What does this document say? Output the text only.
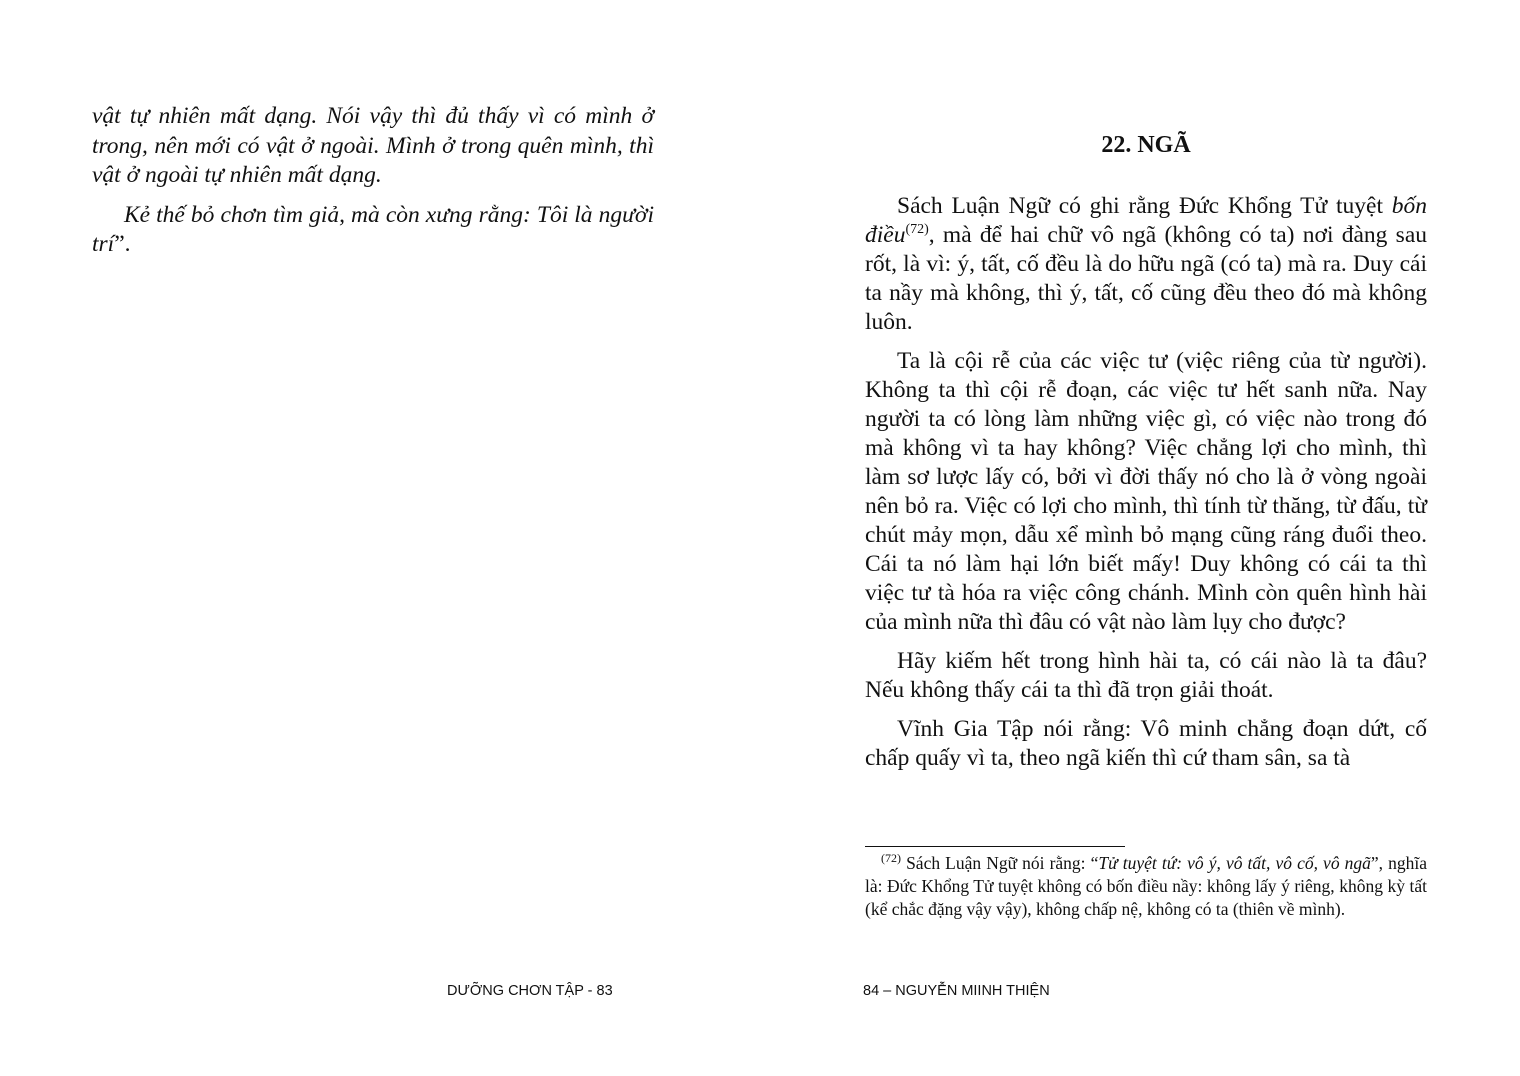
vật tự nhiên mất dạng. Nói vậy thì đủ thấy vì có mình ở trong, nên mới có vật ở ngoài. Mình ở trong quên mình, thì vật ở ngoài tự nhiên mất dạng.

Kẻ thế bỏ chơn tìm giả, mà còn xưng rằng: Tôi là người trí”.

DƯỠNG CHƠN TẬP - 83
22. NGÃ

Sách Luận Ngữ có ghi rằng Đức Khổng Tử tuyệt bốn điều$^{(72)}$, mà để hai chữ vô ngã (không có ta) nơi đàng sau rốt, là vì: ý, tất, cố đều là do hữu ngã (có ta) mà ra. Duy cái ta nầy mà không, thì ý, tất, cố cũng đều theo đó mà không luôn.

Ta là cội rễ của các việc tư (việc riêng của từ người). Không ta thì cội rễ đoạn, các việc tư hết sanh nữa. Nay người ta có lòng làm những việc gì, có việc nào trong đó mà không vì ta hay không? Việc chẳng lợi cho mình, thì làm sơ lược lấy có, bởi vì đời thấy nó cho là ở vòng ngoài nên bỏ ra. Việc có lợi cho mình, thì tính từ thăng, từ đấu, từ chút mảy mọn, dẫu xể mình bỏ mạng cũng ráng đuổi theo. Cái ta nó làm hại lớn biết mấy! Duy không có cái ta thì việc tư tà hóa ra việc công chánh. Mình còn quên hình hài của mình nữa thì đâu có vật nào làm lụy cho được?

Hãy kiếm hết trong hình hài ta, có cái nào là ta đâu? Nếu không thấy cái ta thì đã trọn giải thoát.

Vĩnh Gia Tập nói rằng: Vô minh chẳng đoạn dứt, cố chấp quấy vì ta, theo ngã kiến thì cứ tham sân, sa tà

$^{(72)}$ Sách Luận Ngữ nói rằng: “Tử tuyệt tứ: vô ý, vô tất, vô cố, vô ngã”, nghĩa là: Đức Khổng Tử tuyệt không có bốn điều nầy: không lấy ý riêng, không kỳ tất (kể chắc đặng vậy vậy), không chấp nệ, không có ta (thiên về mình).
84 – NGUYỄN MIINH THIỆN
